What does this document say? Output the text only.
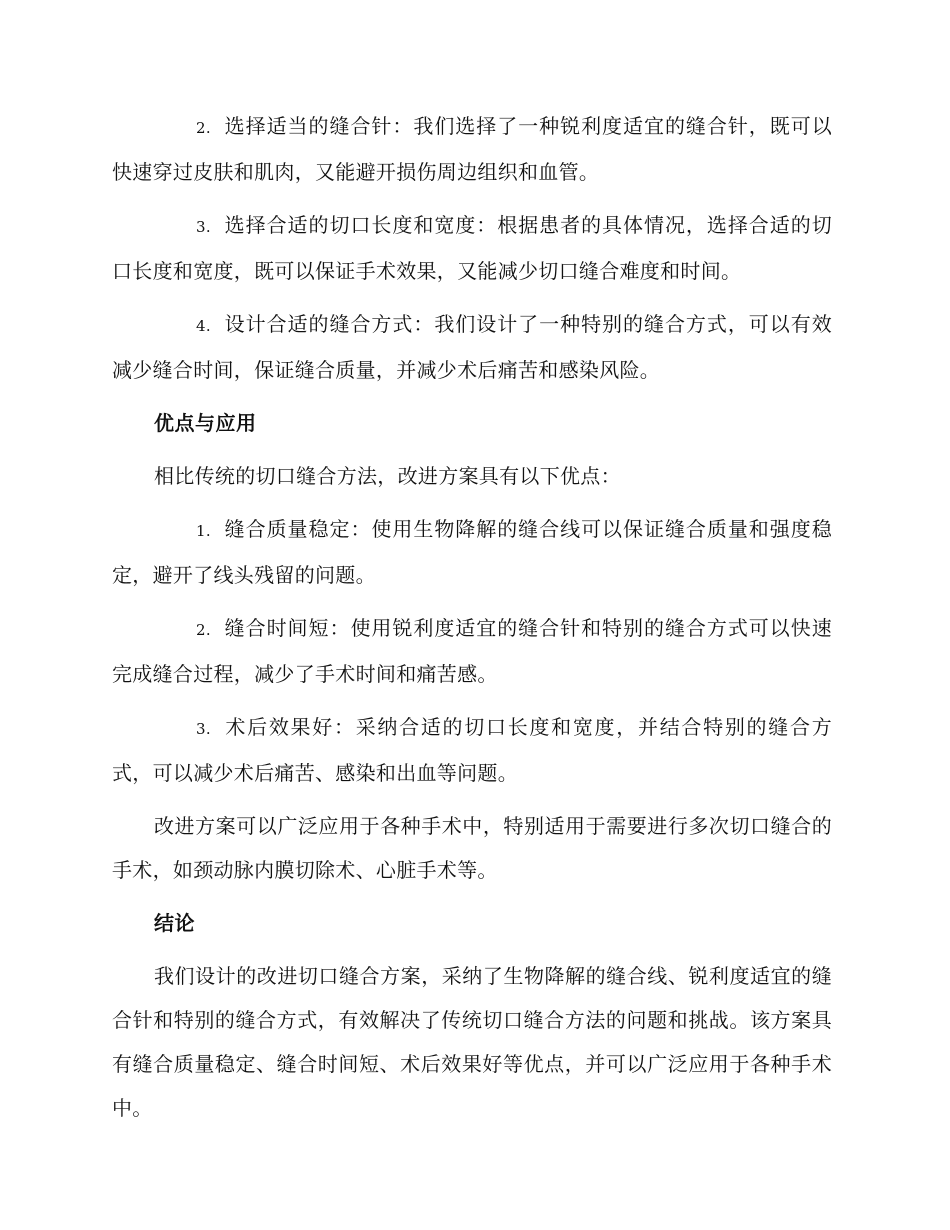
2. 选择适当的缝合针：我们选择了一种锐利度适宜的缝合针，既可以快速穿过皮肤和肌肉，又能避开损伤周边组织和血管。

3. 选择合适的切口长度和宽度：根据患者的具体情况，选择合适的切口长度和宽度，既可以保证手术效果，又能减少切口缝合难度和时间。

4. 设计合适的缝合方式：我们设计了一种特别的缝合方式，可以有效减少缝合时间，保证缝合质量，并减少术后痛苦和感染风险。

优点与应用

相比传统的切口缝合方法，改进方案具有以下优点：

1. 缝合质量稳定：使用生物降解的缝合线可以保证缝合质量和强度稳定，避开了线头残留的问题。

2. 缝合时间短：使用锐利度适宜的缝合针和特别的缝合方式可以快速完成缝合过程，减少了手术时间和痛苦感。

3. 术后效果好：采纳合适的切口长度和宽度，并结合特别的缝合方式，可以减少术后痛苦、感染和出血等问题。

改进方案可以广泛应用于各种手术中，特别适用于需要进行多次切口缝合的手术，如颈动脉内膜切除术、心脏手术等。

结论

我们设计的改进切口缝合方案，采纳了生物降解的缝合线、锐利度适宜的缝合针和特别的缝合方式，有效解决了传统切口缝合方法的问题和挑战。该方案具有缝合质量稳定、缝合时间短、术后效果好等优点，并可以广泛应用于各种手术中。
